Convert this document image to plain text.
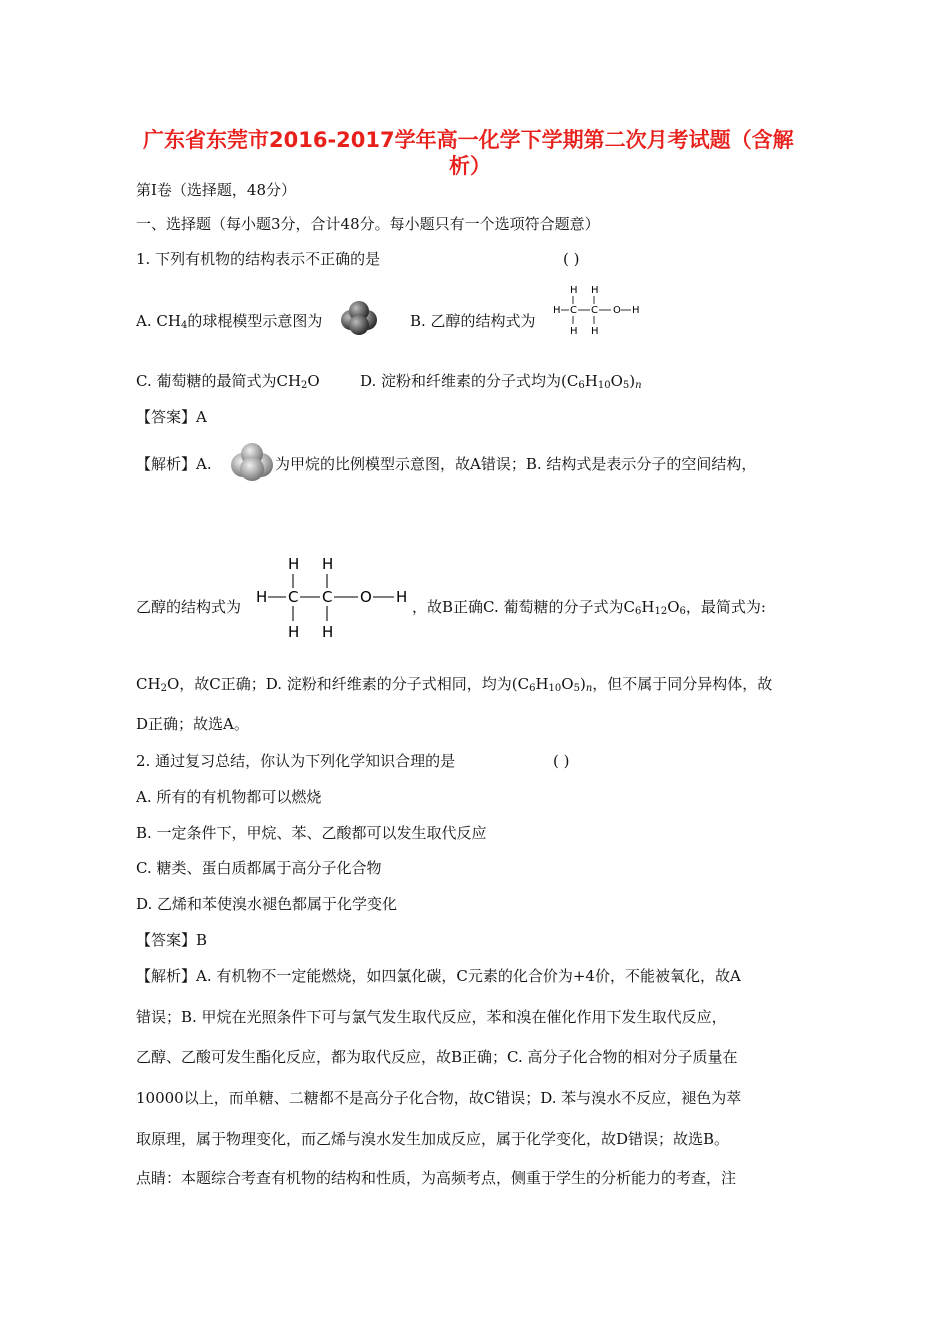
广东省东莞市2016-2017学年高一化学下学期第二次月考试题（含解
析）
第Ⅰ卷（选择题，48分）
一、选择题（每小题3分，合计48分。每小题只有一个选项符合题意）
1. 下列有机物的结构表示不正确的是	( )
A. $CH_4$的球棍模型示意图为	B. 乙醇的结构式为
H H
H C C O H
H H
C. 葡萄糖的最简式为$CH_2O$	D. 淀粉和纤维素的分子式均为$(C_6H_{10}O_5)_n$
【答案】A
【解析】A.	为甲烷的比例模型示意图，故A错误；B. 结构式是表示分子的空间结构，
乙醇的结构式为
H H
H C C O H
H H
，故B正确C. 葡萄糖的分子式为$C_6H_{12}O_6$，最简式为:
$CH_2O$，故C正确；D. 淀粉和纤维素的分子式相同，均为$(C_6H_{10}O_5)_n$，但不属于同分异构体，故
D正确；故选A。
2. 通过复习总结，你认为下列化学知识合理的是	( )
A. 所有的有机物都可以燃烧
B. 一定条件下，甲烷、苯、乙酸都可以发生取代反应
C. 糖类、蛋白质都属于高分子化合物
D. 乙烯和苯使溴水褪色都属于化学变化
【答案】B
【解析】A. 有机物不一定能燃烧，如四氯化碳，C元素的化合价为+4价，不能被氧化，故A
错误；B. 甲烷在光照条件下可与氯气发生取代反应，苯和溴在催化作用下发生取代反应，
乙醇、乙酸可发生酯化反应，都为取代反应，故B正确；C. 高分子化合物的相对分子质量在
10000以上，而单糖、二糖都不是高分子化合物，故C错误；D. 苯与溴水不反应，褪色为萃
取原理，属于物理变化，而乙烯与溴水发生加成反应，属于化学变化，故D错误；故选B。
点睛：本题综合考查有机物的结构和性质，为高频考点，侧重于学生的分析能力的考查，注
